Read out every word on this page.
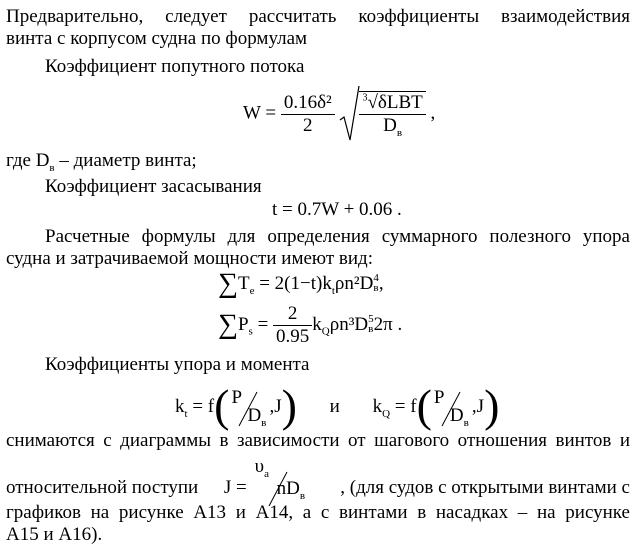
Предварительно, следует рассчитать коэффициенты взаимодействия
винта с корпусом судна по формулам
Коэффициент попутного потока
$W = \frac{\text{0.16δ²}}{2}$
$\frac{^3√\delta LBT}{D_в}$ ,
где $D_в$ – диаметр винта;
Коэффициент засасывания
t = 0.7W + 0.06 .
Расчетные формулы для определения суммарного полезного упора
судна и затрачиваемой мощности имеют вид:
$\sum T_e = 2(1-t)k_t\rho n^2D$ 4
в ,
$\sum P_s = \frac{2}{0.95} k_Q\rho n^3D$ 5
в 2π .
Коэффициенты упора и момента
$k_t = f$( P
$D_в$
,J) и $k_Q = f$( P
$D_в$
,J)
снимаются с диаграммы в зависимости от шагового отношения винтов и
относительной поступи J =
$\upsilon_a$
$nD_в$ , (для судов с открытыми винтами с
графиков на рисунке А13 и А14, а с винтами в насадках – на рисунке
А15 и А16).
